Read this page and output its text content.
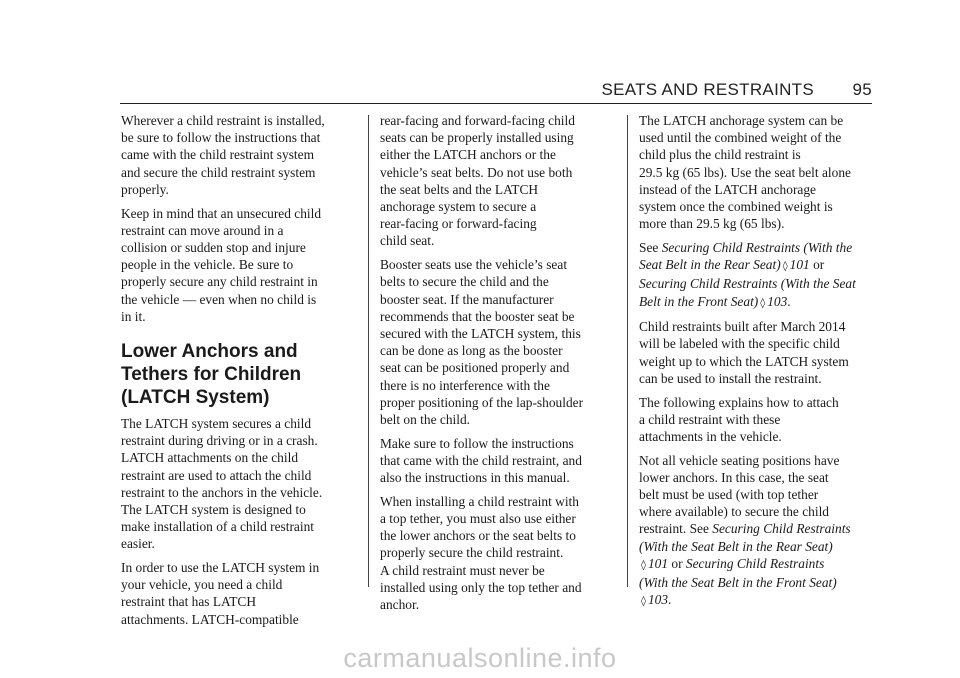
SEATS AND RESTRAINTS 95

Wherever a child restraint is installed,
be sure to follow the instructions that
came with the child restraint system
and secure the child restraint system
properly.

Keep in mind that an unsecured child
restraint can move around in a
collision or sudden stop and injure
people in the vehicle. Be sure to
properly secure any child restraint in
the vehicle — even when no child is
in it.

Lower Anchors and
Tethers for Children
(LATCH System)

The LATCH system secures a child
restraint during driving or in a crash.
LATCH attachments on the child
restraint are used to attach the child
restraint to the anchors in the vehicle.
The LATCH system is designed to
make installation of a child restraint
easier.

In order to use the LATCH system in
your vehicle, you need a child
restraint that has LATCH
attachments. LATCH-compatible

rear-facing and forward-facing child
seats can be properly installed using
either the LATCH anchors or the
vehicle’s seat belts. Do not use both
the seat belts and the LATCH
anchorage system to secure a
rear-facing or forward-facing
child seat.

Booster seats use the vehicle’s seat
belts to secure the child and the
booster seat. If the manufacturer
recommends that the booster seat be
secured with the LATCH system, this
can be done as long as the booster
seat can be positioned properly and
there is no interference with the
proper positioning of the lap-shoulder
belt on the child.

Make sure to follow the instructions
that came with the child restraint, and
also the instructions in this manual.

When installing a child restraint with
a top tether, you must also use either
the lower anchors or the seat belts to
properly secure the child restraint.
A child restraint must never be
installed using only the top tether and
anchor.

The LATCH anchorage system can be
used until the combined weight of the
child plus the child restraint is
29.5 kg (65 lbs). Use the seat belt alone
instead of the LATCH anchorage
system once the combined weight is
more than 29.5 kg (65 lbs).

See Securing Child Restraints (With the
Seat Belt in the Rear Seat) ◊ 101 or
Securing Child Restraints (With the Seat
Belt in the Front Seat) ◊ 103.

Child restraints built after March 2014
will be labeled with the specific child
weight up to which the LATCH system
can be used to install the restraint.

The following explains how to attach
a child restraint with these
attachments in the vehicle.

Not all vehicle seating positions have
lower anchors. In this case, the seat
belt must be used (with top tether
where available) to secure the child
restraint. See Securing Child Restraints
(With the Seat Belt in the Rear Seat)
◊ 101 or Securing Child Restraints
(With the Seat Belt in the Front Seat)
◊ 103.

carmanualsonline.info
